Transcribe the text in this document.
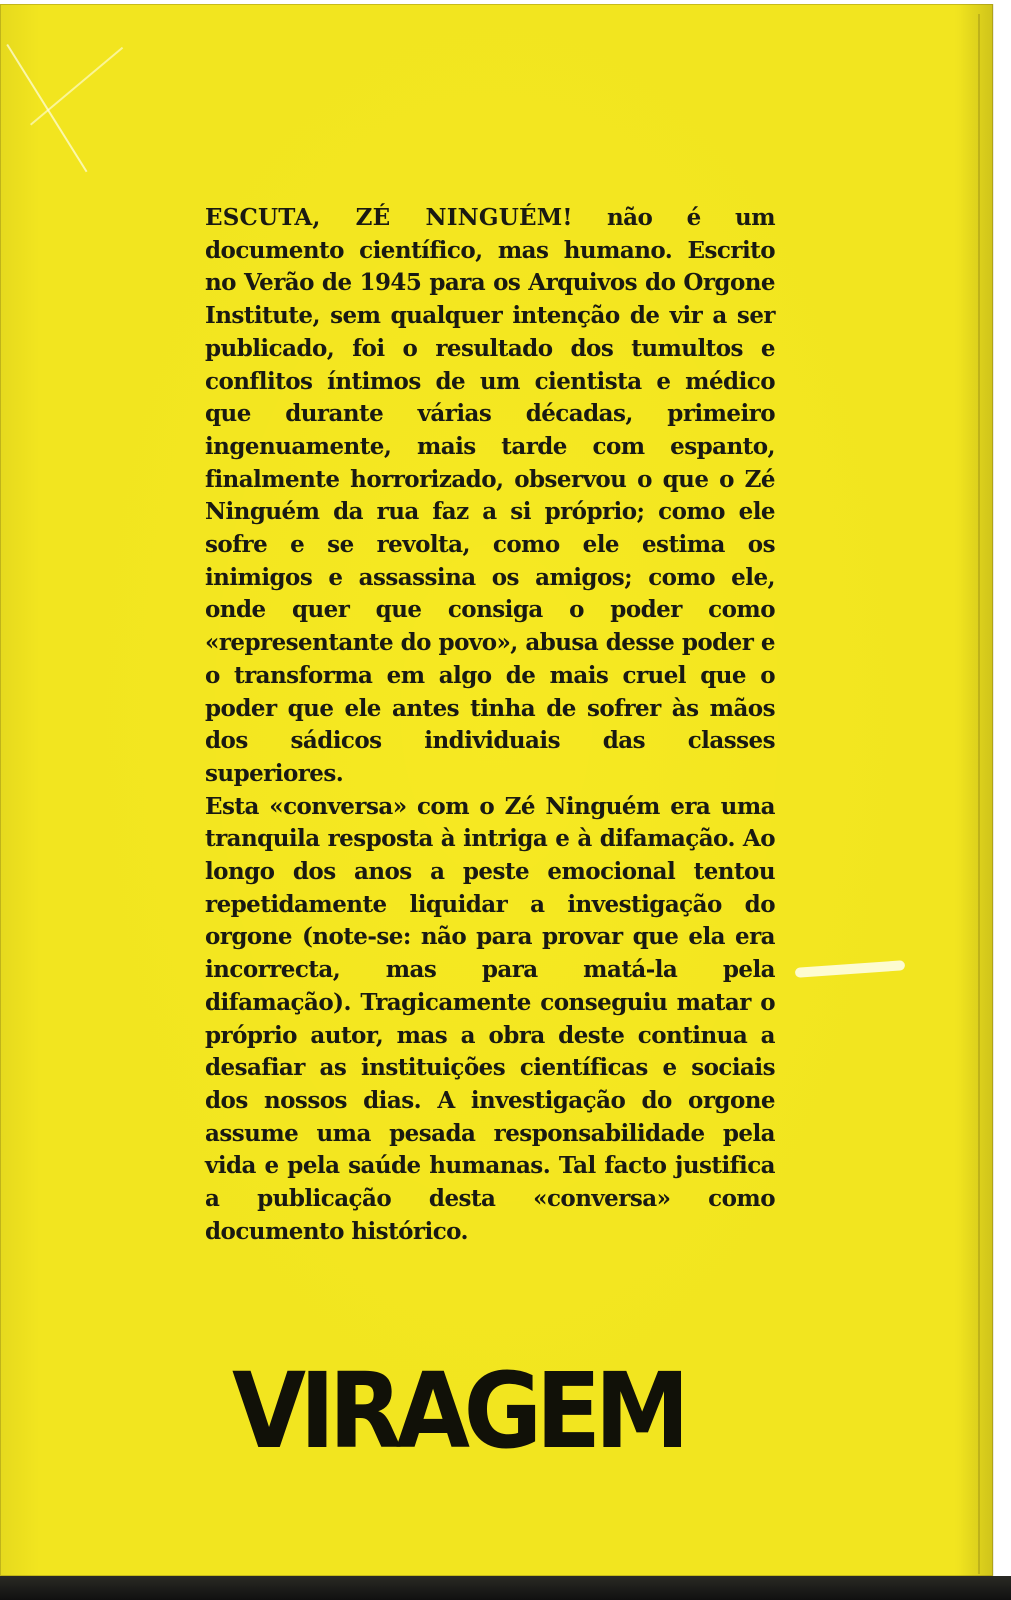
ESCUTA, ZÉ NINGUÉM! não é um documento científico, mas humano. Escrito no Verão de 1945 para os Arquivos do Orgone Institute, sem qualquer intenção de vir a ser publicado, foi o resultado dos tumultos e conflitos íntimos de um cientista e médico que durante várias décadas, primeiro ingenuamente, mais tarde com espanto, finalmente horrorizado, observou o que o Zé Ninguém da rua faz a si próprio; como ele sofre e se revolta, como ele estima os inimigos e assassina os amigos; como ele, onde quer que consiga o poder como «representante do povo», abusa desse poder e o transforma em algo de mais cruel que o poder que ele antes tinha de sofrer às mãos dos sádicos individuais das classes superiores.

Esta «conversa» com o Zé Ninguém era uma tranquila resposta à intriga e à difamação. Ao longo dos anos a peste emocional tentou repetidamente liquidar a investigação do orgone (note-se: não para provar que ela era incorrecta, mas para matá-la pela difamação). Tragicamente conseguiu matar o próprio autor, mas a obra deste continua a desafiar as instituições científicas e sociais dos nossos dias. A investigação do orgone assume uma pesada responsabilidade pela vida e pela saúde humanas. Tal facto justifica a publicação desta «conversa» como documento histórico.

VIRAGEM
